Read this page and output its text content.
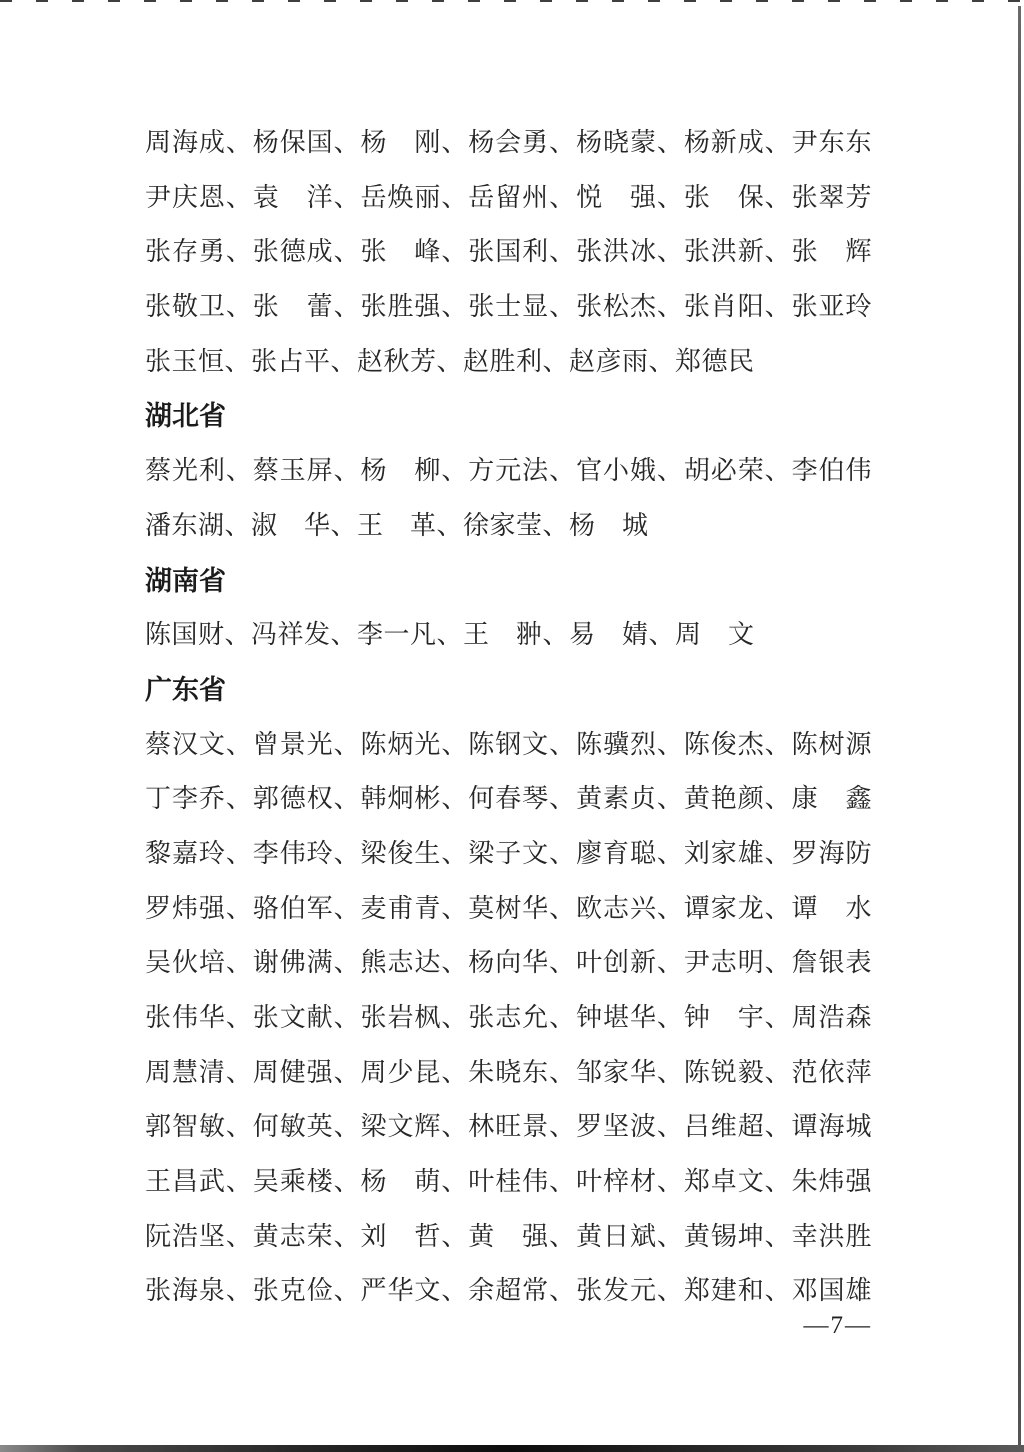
周海成、杨保国、杨　刚、杨会勇、杨晓蒙、杨新成、尹东东
尹庆恩、袁　洋、岳焕丽、岳留州、悦　强、张　保、张翠芳
张存勇、张德成、张　峰、张国利、张洪冰、张洪新、张　辉
张敬卫、张　蕾、张胜强、张士显、张松杰、张肖阳、张亚玲
张玉恒、张占平、赵秋芳、赵胜利、赵彦雨、郑德民
湖北省
蔡光利、蔡玉屏、杨　柳、方元法、官小娥、胡必荣、李伯伟
潘东湖、淑　华、王　革、徐家莹、杨　城
湖南省
陈国财、冯祥发、李一凡、王　翀、易　婧、周　文
广东省
蔡汉文、曾景光、陈炳光、陈钢文、陈骥烈、陈俊杰、陈树源
丁李乔、郭德权、韩炯彬、何春琴、黄素贞、黄艳颜、康　鑫
黎嘉玲、李伟玲、梁俊生、梁子文、廖育聪、刘家雄、罗海防
罗炜强、骆伯军、麦甫青、莫树华、欧志兴、谭家龙、谭　水
吴伙培、谢佛满、熊志达、杨向华、叶创新、尹志明、詹银表
张伟华、张文献、张岩枫、张志允、钟堪华、钟　宇、周浩森
周慧清、周健强、周少昆、朱晓东、邹家华、陈锐毅、范依萍
郭智敏、何敏英、梁文辉、林旺景、罗坚波、吕维超、谭海城
王昌武、吴乘楼、杨　萌、叶桂伟、叶梓材、郑卓文、朱炜强
阮浩坚、黄志荣、刘　哲、黄　强、黄日斌、黄锡坤、幸洪胜
张海泉、张克俭、严华文、余超常、张发元、郑建和、邓国雄
—7—
